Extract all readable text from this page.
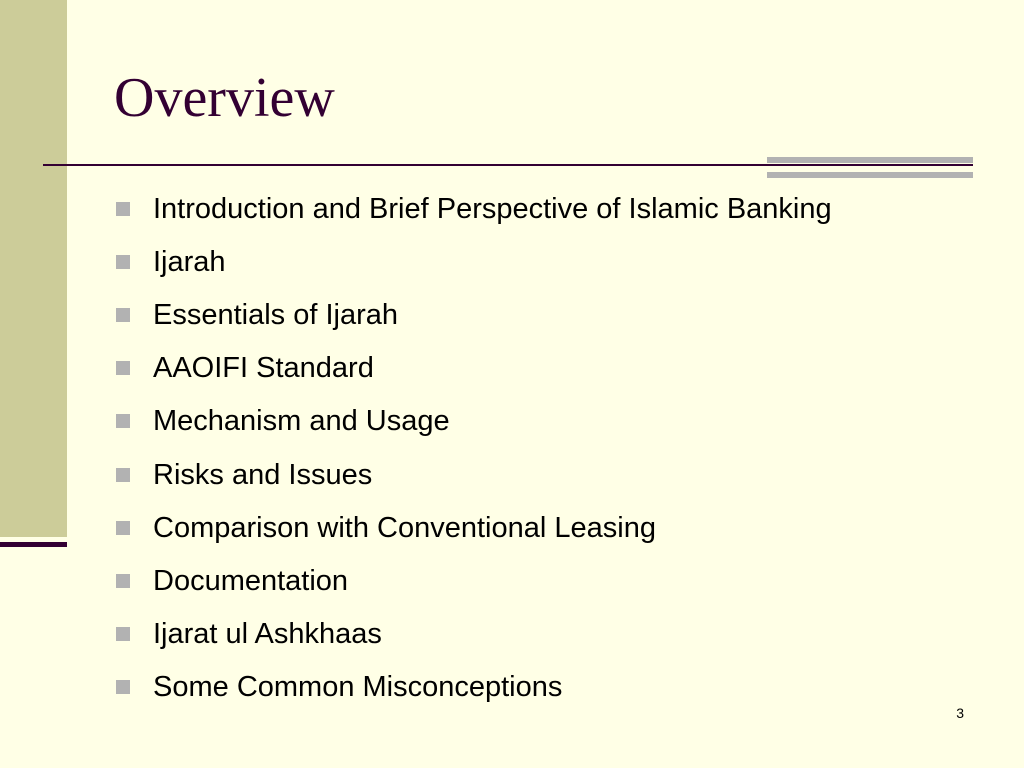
Overview
Introduction and Brief Perspective of Islamic Banking
Ijarah
Essentials of Ijarah
AAOIFI Standard
Mechanism and Usage
Risks and Issues
Comparison with Conventional Leasing
Documentation
Ijarat ul Ashkhaas
Some Common Misconceptions
3
